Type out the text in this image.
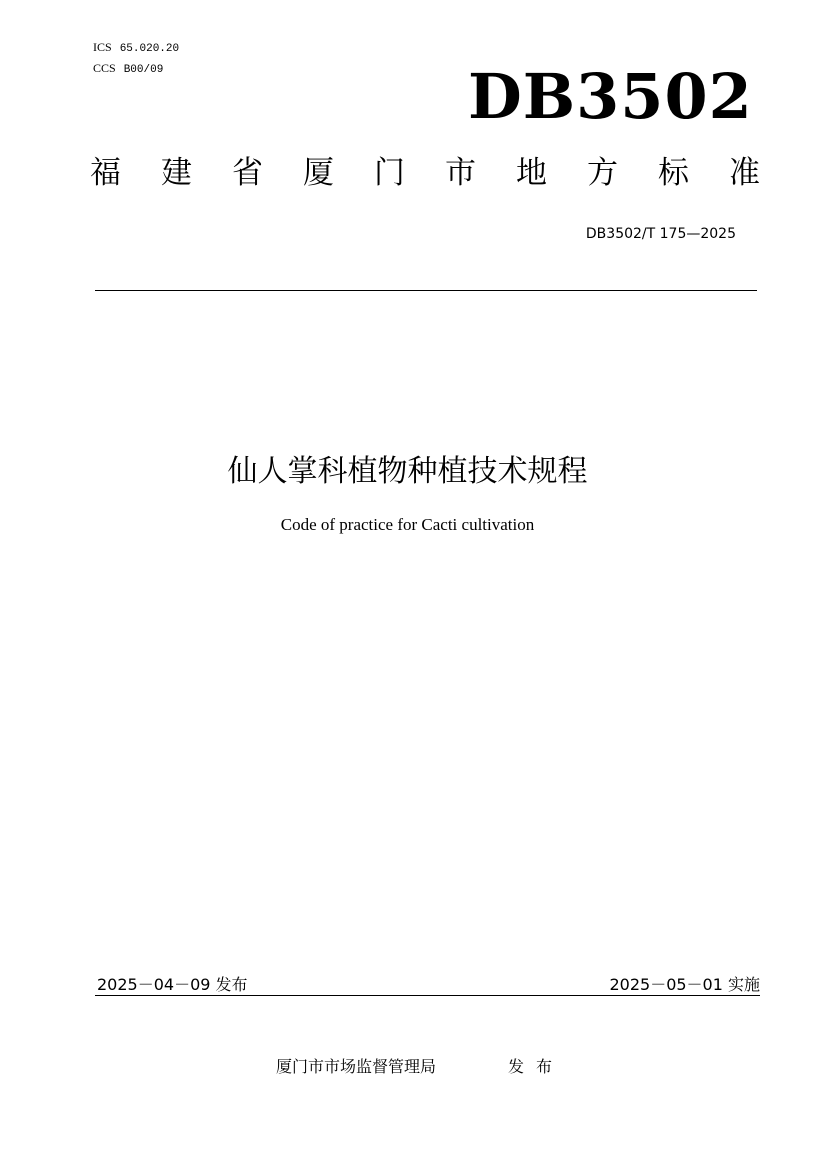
ICS 65.020.20
CCS B00/09	DB3502
福 建 省 厦 门 市 地 方 标 准
DB3502/T 175—2025
仙人掌科植物种植技术规程
Code of practice for Cacti cultivation
2025－04－09 发布	2025－05－01 实施
厦门市市场监督管理局	发布
